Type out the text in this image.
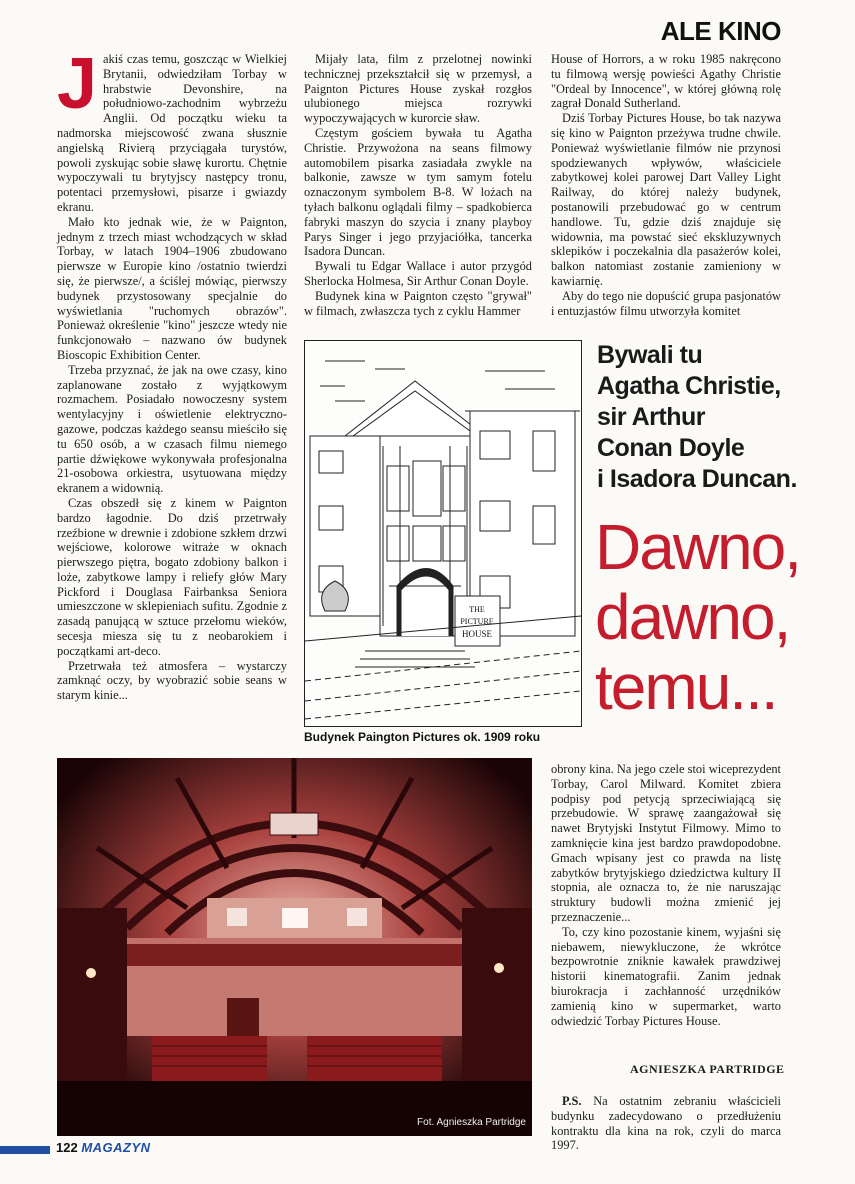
ALE KINO
J akiś czas temu, goszcząc w Wielkiej Brytanii, odwiedziłam Torbay w hrabstwie Devonshire, na południowo-zachodnim wybrzeżu Anglii. Od początku wieku ta nadmorska miejscowość zwana słusznie angielską Rivierą przyciągała turystów, powoli zyskując sobie sławę kurortu. Chętnie wypoczywali tu brytyjscy następcy tronu, potentaci przemysłowi, pisarze i gwiazdy ekranu.

Mało kto jednak wie, że w Paignton, jednym z trzech miast wchodzących w skład Torbay, w latach 1904–1906 zbudowano pierwsze w Europie kino /ostatnio twierdzi się, że pierwsze/, a ściślej mówiąc, pierwszy budynek przystosowany specjalnie do wyświetlania "ruchomych obrazów". Ponieważ określenie "kino" jeszcze wtedy nie funkcjonowało – nazwano ów budynek Bioscopic Exhibition Center.

Trzeba przyznać, że jak na owe czasy, kino zaplanowane zostało z wyjątkowym rozmachem. Posiadało nowoczesny system wentylacyjny i oświetlenie elektryczno-gazowe, podczas każdego seansu mieściło się tu 650 osób, a w czasach filmu niemego partie dźwiękowe wykonywała profesjonalna 21-osobowa orkiestra, usytuowana między ekranem a widownią.

Czas obszedł się z kinem w Paignton bardzo łagodnie. Do dziś przetrwały rzeźbione w drewnie i zdobione szkłem drzwi wejściowe, kolorowe witraże w oknach pierwszego piętra, bogato zdobiony balkon i loże, zabytkowe lampy i reliefy głów Mary Pickford i Douglasa Fairbanksa Seniora umieszczone w sklepieniach sufitu. Zgodnie z zasadą panującą w sztuce przełomu wieków, secesja miesza się tu z neobarokiem i początkami art-deco.

Przetrwała też atmosfera – wystarczy zamknąć oczy, by wyobrazić sobie seans w starym kinie...

Mijały lata, film z przelotnej nowinki technicznej przekształcił się w przemysł, a Paignton Pictures House zyskał rozgłos ulubionego miejsca rozrywki wypoczywających w kurorcie sław.

Częstym gościem bywała tu Agatha Christie. Przywożona na seans filmowy automobilem pisarka zasiadała zwykle na balkonie, zawsze w tym samym fotelu oznaczonym symbolem B-8. W lożach na tyłach balkonu oglądali filmy – spadkobierca fabryki maszyn do szycia i znany playboy Parys Singer i jego przyjaciółka, tancerka Isadora Duncan.

Bywali tu Edgar Wallace i autor przygód Sherlocka Holmesa, Sir Arthur Conan Doyle.

Budynek kina w Paignton często "grywał" w filmach, zwłaszcza tych z cyklu Hammer

House of Horrors, a w roku 1985 nakręcono tu filmową wersję powieści Agathy Christie "Ordeal by Innocence", w której główną rolę zagrał Donald Sutherland.

Dziś Torbay Pictures House, bo tak nazywa się kino w Paignton przeżywa trudne chwile. Ponieważ wyświetlanie filmów nie przynosi spodziewanych wpływów, właściciele zabytkowej kolei parowej Dart Valley Light Railway, do której należy budynek, postanowili przebudować go w centrum handlowe. Tu, gdzie dziś znajduje się widownia, ma powstać sieć ekskluzywnych sklepików i poczekalnia dla pasażerów kolei, balkon natomiast zostanie zamieniony w kawiarnię.

Aby do tego nie dopuścić grupa pasjonatów i entuzjastów filmu utworzyła komitet

THE
PICTURE
HOUSE
Budynek Paington Pictures ok. 1909 roku
Bywali tu
Agatha Christie,
sir Arthur
Conan Doyle
i Isadora Duncan.
Dawno,
dawno,
temu...
Fot. Agnieszka Partridge

obrony kina. Na jego czele stoi wiceprezydent Torbay, Carol Milward. Komitet zbiera podpisy pod petycją sprzeciwiającą się przebudowie. W sprawę zaangażował się nawet Brytyjski Instytut Filmowy. Mimo to zamknięcie kina jest bardzo prawdopodobne. Gmach wpisany jest co prawda na listę zabytków brytyjskiego dziedzictwa kultury II stopnia, ale oznacza to, że nie naruszając struktury budowli można zmienić jej przeznaczenie...

To, czy kino pozostanie kinem, wyjaśni się niebawem, niewykluczone, że wkrótce bezpowrotnie zniknie kawałek prawdziwej historii kinematografii. Zanim jednak biurokracja i zachłanność urzędników zamienią kino w supermarket, warto odwiedzić Torbay Pictures House.

AGNIESZKA PARTRIDGE

P.S. Na ostatnim zebraniu właścicieli budynku zadecydowano o przedłużeniu kontraktu dla kina na rok, czyli do marca 1997.

122 MAGAZYN
